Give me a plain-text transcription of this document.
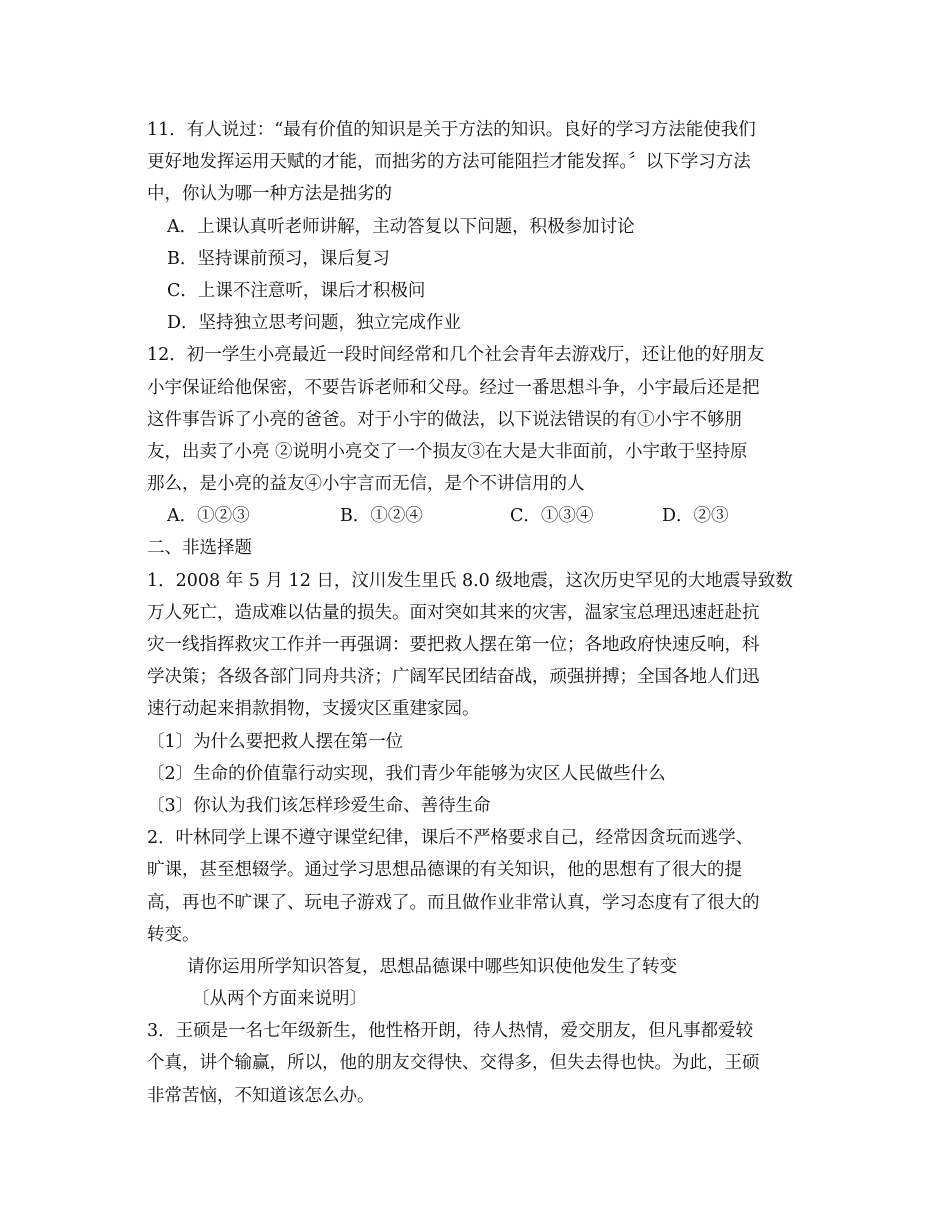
11．有人说过：“最有价值的知识是关于方法的知识。良好的学习方法能使我们
更好地发挥运用天赋的才能，而拙劣的方法可能阻拦才能发挥。〞以下学习方法
中，你认为哪一种方法是拙劣的
A．上课认真听老师讲解，主动答复以下问题，积极参加讨论
B．坚持课前预习，课后复习
C．上课不注意听，课后才积极问
D．坚持独立思考问题，独立完成作业
12．初一学生小亮最近一段时间经常和几个社会青年去游戏厅，还让他的好朋友
小宇保证给他保密，不要告诉老师和父母。经过一番思想斗争，小宇最后还是把
这件事告诉了小亮的爸爸。对于小宇的做法，以下说法错误的有①小宇不够朋
友，出卖了小亮 ②说明小亮交了一个损友③在大是大非面前，小宇敢于坚持原
那么，是小亮的益友④小宇言而无信，是个不讲信用的人
A．①②③	B．①②④	C．①③④	D．②③
二、非选择题
1．2008 年 5 月 12 日，汶川发生里氏 8.0 级地震，这次历史罕见的大地震导致数
万人死亡，造成难以估量的损失。面对突如其来的灾害，温家宝总理迅速赶赴抗
灾一线指挥救灾工作并一再强调：要把救人摆在第一位；各地政府快速反响，科
学决策；各级各部门同舟共济；广阔军民团结奋战，顽强拼搏；全国各地人们迅
速行动起来捐款捐物，支援灾区重建家园。
〔1〕为什么要把救人摆在第一位
〔2〕生命的价值靠行动实现，我们青少年能够为灾区人民做些什么
〔3〕你认为我们该怎样珍爱生命、善待生命
2．叶林同学上课不遵守课堂纪律，课后不严格要求自己，经常因贪玩而逃学、
旷课，甚至想辍学。通过学习思想品德课的有关知识，他的思想有了很大的提
高，再也不旷课了、玩电子游戏了。而且做作业非常认真，学习态度有了很大的
转变。
请你运用所学知识答复，思想品德课中哪些知识使他发生了转变
〔从两个方面来说明〕
3．王硕是一名七年级新生，他性格开朗，待人热情，爱交朋友，但凡事都爱较
个真，讲个输赢，所以，他的朋友交得快、交得多，但失去得也快。为此，王硕
非常苦恼，不知道该怎么办。
